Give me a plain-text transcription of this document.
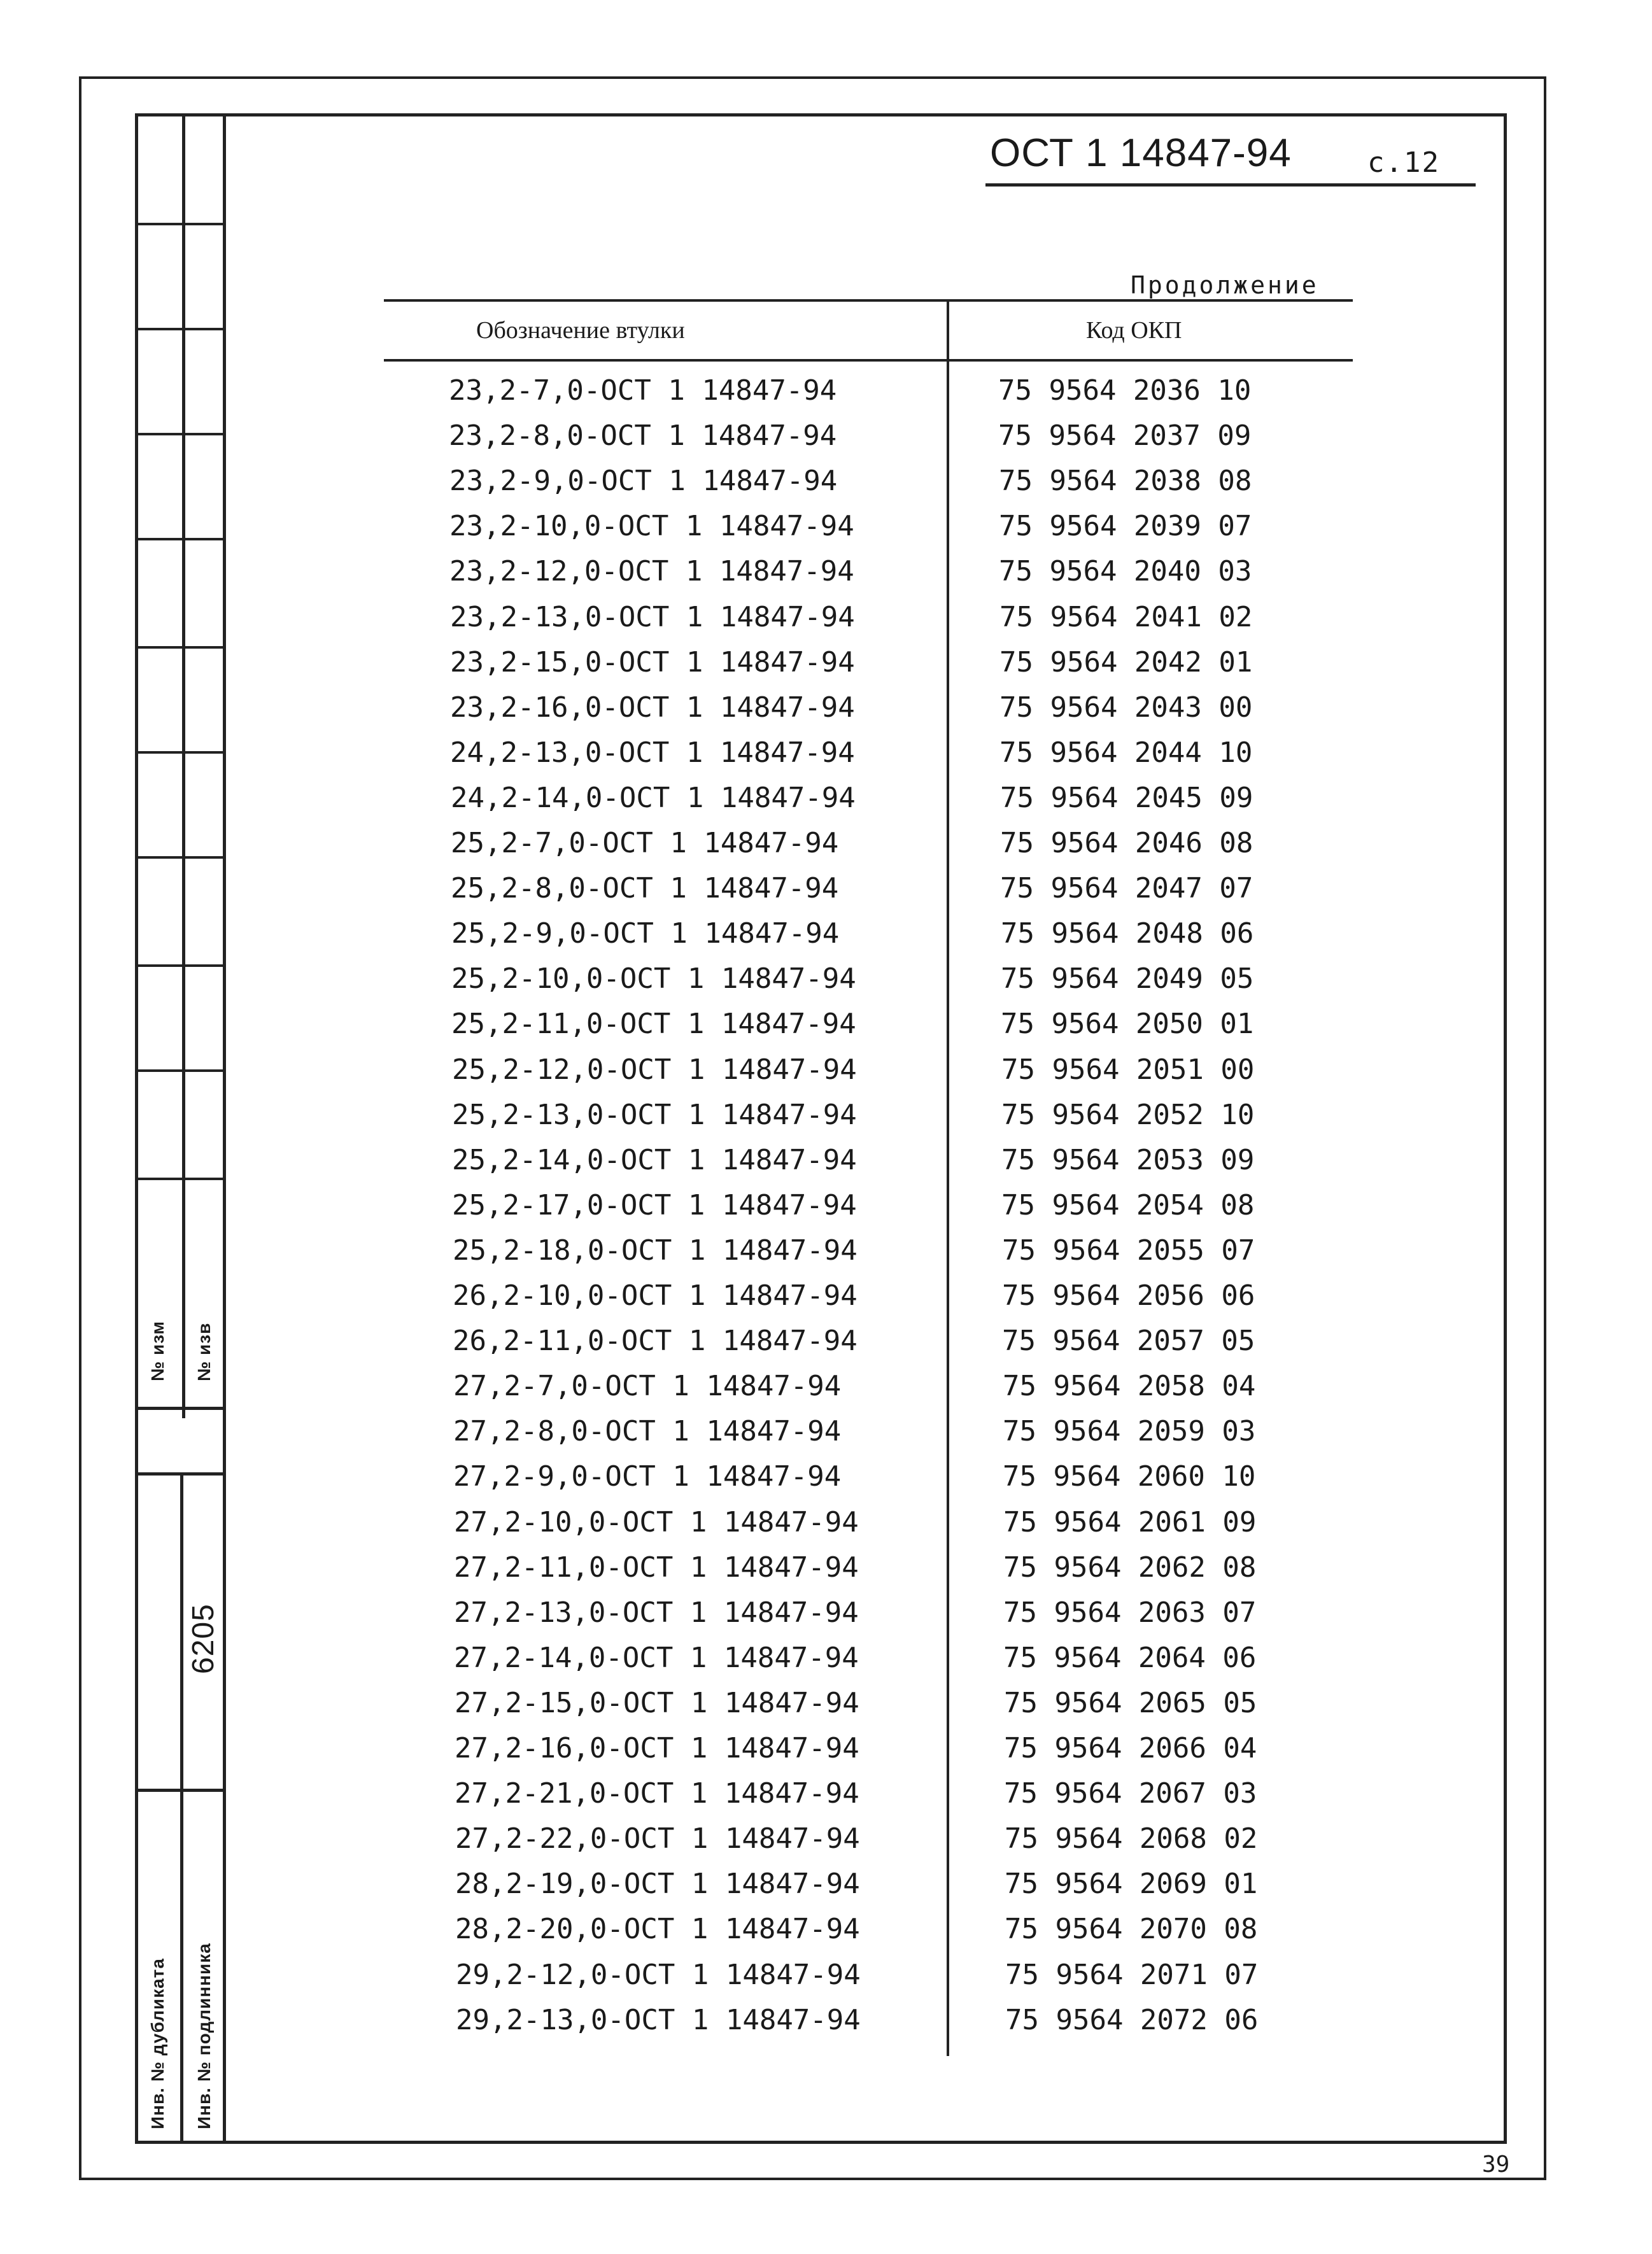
№ изм № изв
6205
Инв. № дубликата Инв. № подлинника
ОСТ 1 14847-94	с.12
Продолжение
Обозначение втулки	Код ОКП
23,2-7,0-ОСТ 1 14847-94	75 9564 2036 10
23,2-8,0-ОСТ 1 14847-94	75 9564 2037 09
23,2-9,0-ОСТ 1 14847-94	75 9564 2038 08
23,2-10,0-ОСТ 1 14847-94	75 9564 2039 07
23,2-12,0-ОСТ 1 14847-94	75 9564 2040 03
23,2-13,0-ОСТ 1 14847-94	75 9564 2041 02
23,2-15,0-ОСТ 1 14847-94	75 9564 2042 01
23,2-16,0-ОСТ 1 14847-94	75 9564 2043 00
24,2-13,0-ОСТ 1 14847-94	75 9564 2044 10
24,2-14,0-ОСТ 1 14847-94	75 9564 2045 09
25,2-7,0-ОСТ 1 14847-94	75 9564 2046 08
25,2-8,0-ОСТ 1 14847-94	75 9564 2047 07
25,2-9,0-ОСТ 1 14847-94	75 9564 2048 06
25,2-10,0-ОСТ 1 14847-94	75 9564 2049 05
25,2-11,0-ОСТ 1 14847-94	75 9564 2050 01
25,2-12,0-ОСТ 1 14847-94	75 9564 2051 00
25,2-13,0-ОСТ 1 14847-94	75 9564 2052 10
25,2-14,0-ОСТ 1 14847-94	75 9564 2053 09
25,2-17,0-ОСТ 1 14847-94	75 9564 2054 08
25,2-18,0-ОСТ 1 14847-94	75 9564 2055 07
26,2-10,0-ОСТ 1 14847-94	75 9564 2056 06
26,2-11,0-ОСТ 1 14847-94	75 9564 2057 05
27,2-7,0-ОСТ 1 14847-94	75 9564 2058 04
27,2-8,0-ОСТ 1 14847-94	75 9564 2059 03
27,2-9,0-ОСТ 1 14847-94	75 9564 2060 10
27,2-10,0-ОСТ 1 14847-94	75 9564 2061 09
27,2-11,0-ОСТ 1 14847-94	75 9564 2062 08
27,2-13,0-ОСТ 1 14847-94	75 9564 2063 07
27,2-14,0-ОСТ 1 14847-94	75 9564 2064 06
27,2-15,0-ОСТ 1 14847-94	75 9564 2065 05
27,2-16,0-ОСТ 1 14847-94	75 9564 2066 04
27,2-21,0-ОСТ 1 14847-94	75 9564 2067 03
27,2-22,0-ОСТ 1 14847-94	75 9564 2068 02
28,2-19,0-ОСТ 1 14847-94	75 9564 2069 01
28,2-20,0-ОСТ 1 14847-94	75 9564 2070 08
29,2-12,0-ОСТ 1 14847-94	75 9564 2071 07
29,2-13,0-ОСТ 1 14847-94	75 9564 2072 06
39
